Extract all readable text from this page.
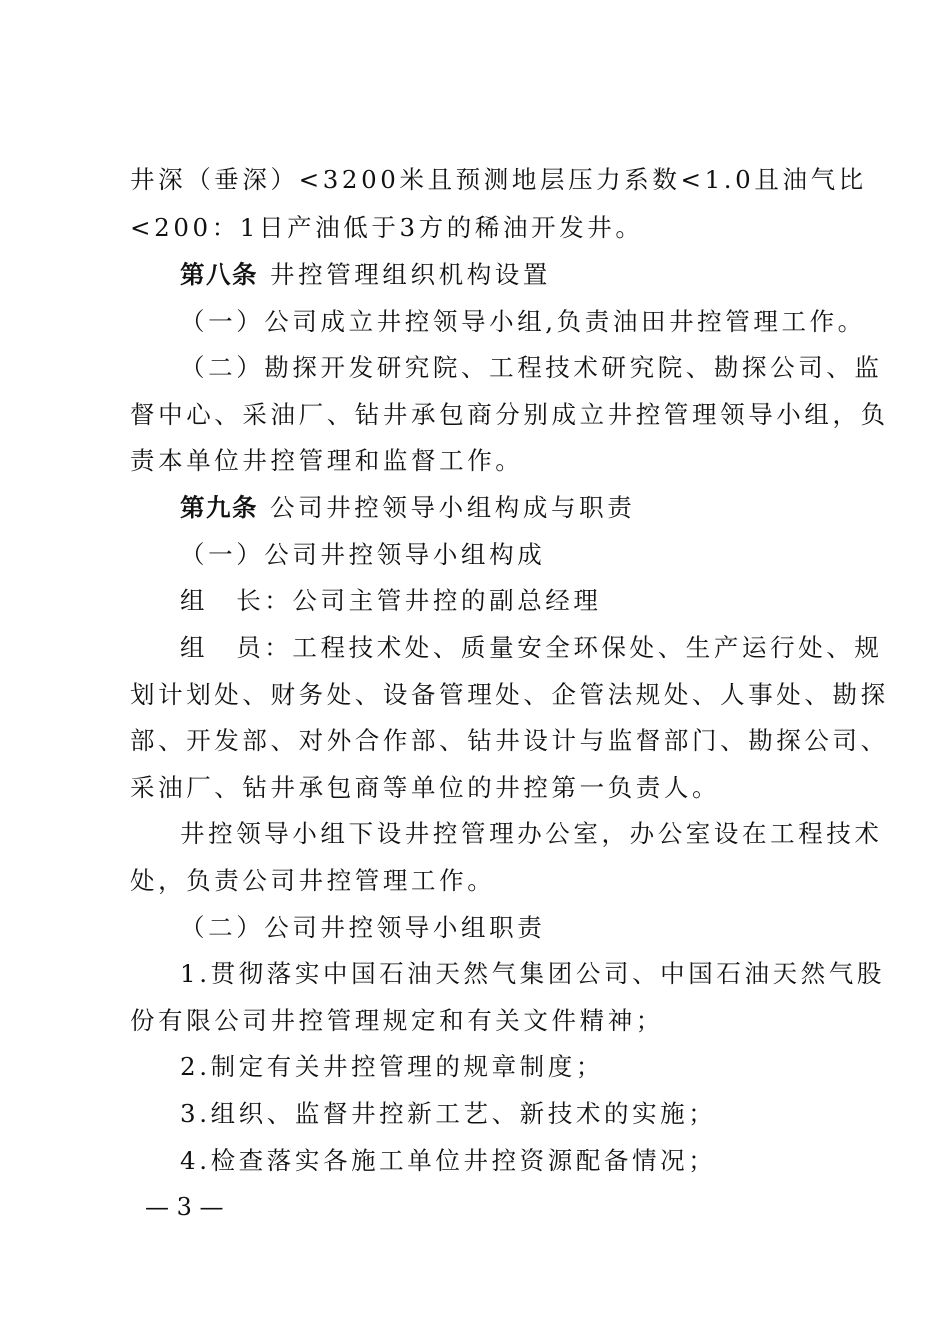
井深（垂深）<3200米且预测地层压力系数<1.0且油气比
<200：1日产油低于3方的稀油开发井。
第八条 井控管理组织机构设置
（一）公司成立井控领导小组,负责油田井控管理工作。
（二）勘探开发研究院、工程技术研究院、勘探公司、监
督中心、采油厂、钻井承包商分别成立井控管理领导小组，负
责本单位井控管理和监督工作。
第九条 公司井控领导小组构成与职责
（一）公司井控领导小组构成
组　长：公司主管井控的副总经理
组　员：工程技术处、质量安全环保处、生产运行处、规
划计划处、财务处、设备管理处、企管法规处、人事处、勘探
部、开发部、对外合作部、钻井设计与监督部门、勘探公司、
采油厂、钻井承包商等单位的井控第一负责人。
井控领导小组下设井控管理办公室，办公室设在工程技术
处，负责公司井控管理工作。
（二）公司井控领导小组职责
1.贯彻落实中国石油天然气集团公司、中国石油天然气股
份有限公司井控管理规定和有关文件精神；
2.制定有关井控管理的规章制度；
3.组织、监督井控新工艺、新技术的实施；
4.检查落实各施工单位井控资源配备情况；
— 3 —
